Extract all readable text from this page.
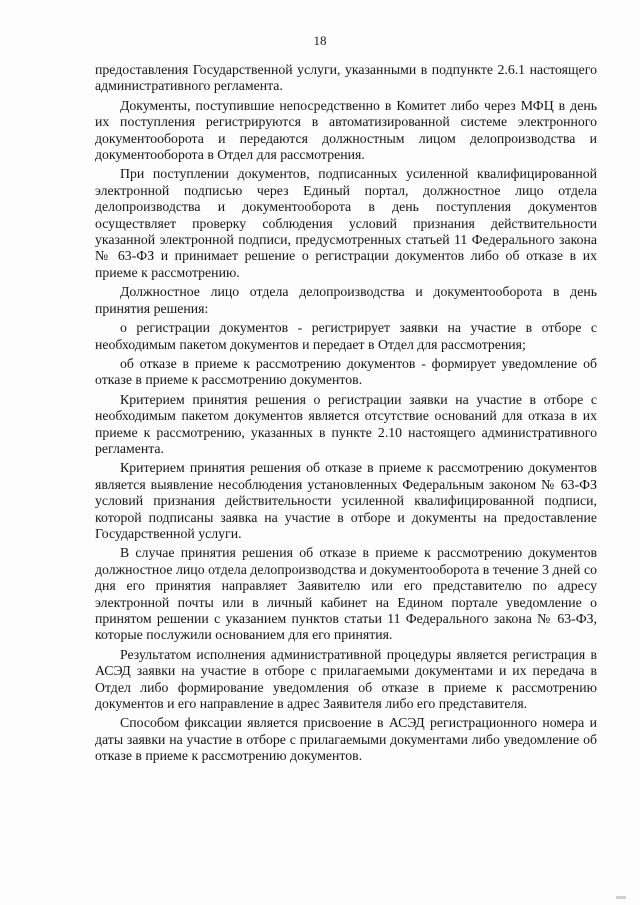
18

предоставления Государственной услуги, указанными в подпункте 2.6.1 настоящего административного регламента.

Документы, поступившие непосредственно в Комитет либо через МФЦ в день их поступления регистрируются в автоматизированной системе электронного документооборота и передаются должностным лицом делопроизводства и документооборота в Отдел для рассмотрения.

При поступлении документов, подписанных усиленной квалифицированной электронной подписью через Единый портал, должностное лицо отдела делопроизводства и документооборота в день поступления документов осуществляет проверку соблюдения условий признания действительности указанной электронной подписи, предусмотренных статьей 11 Федерального закона № 63-ФЗ и принимает решение о регистрации документов либо об отказе в их приеме к рассмотрению.

Должностное лицо отдела делопроизводства и документооборота в день принятия решения:

о регистрации документов - регистрирует заявки на участие в отборе с необходимым пакетом документов и передает в Отдел для рассмотрения;

об отказе в приеме к рассмотрению документов - формирует уведомление об отказе в приеме к рассмотрению документов.

Критерием принятия решения о регистрации заявки на участие в отборе с необходимым пакетом документов является отсутствие оснований для отказа в их приеме к рассмотрению, указанных в пункте 2.10 настоящего административного регламента.

Критерием принятия решения об отказе в приеме к рассмотрению документов является выявление несоблюдения установленных Федеральным законом № 63-ФЗ условий признания действительности усиленной квалифицированной подписи, которой подписаны заявка на участие в отборе и документы на предоставление Государственной услуги.

В случае принятия решения об отказе в приеме к рассмотрению документов должностное лицо отдела делопроизводства и документооборота в течение 3 дней со дня его принятия направляет Заявителю или его представителю по адресу электронной почты или в личный кабинет на Едином портале уведомление о принятом решении с указанием пунктов статьи 11 Федерального закона № 63-ФЗ, которые послужили основанием для его принятия.

Результатом исполнения административной процедуры является регистрация в АСЭД заявки на участие в отборе с прилагаемыми документами и их передача в Отдел либо формирование уведомления об отказе в приеме к рассмотрению документов и его направление в адрес Заявителя либо его представителя.

Способом фиксации является присвоение в АСЭД регистрационного номера и даты заявки на участие в отборе с прилагаемыми документами либо уведомление об отказе в приеме к рассмотрению документов.
